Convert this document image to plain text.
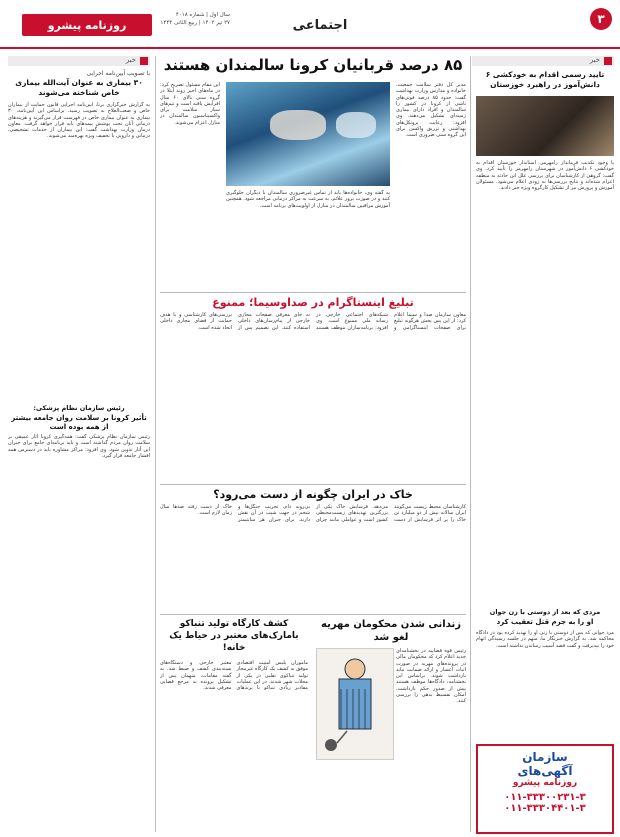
۳
اجتماعی
روزنامه پیشرو
ﺳﺎل اول | ﺷﻤﺎره ۴۰۱۸
۲۷ تیر ۱۴۰۲ | ربیع الثانی ۱۴۴۴
خبر
تایید رسمی اقدام به خودکشی ۶ دانش‌آموز در راهبرد خوزستان
با وجود تکذیب فرماندار رامهرمز، استاندار خوزستان اقدام به خودکشی ۶ دانش‌آموز در شهرستان رامهرمز را تأیید کرد. وی گفت: گروهی از کارشناسان برای بررسی علل این حادثه به منطقه اعزام شده‌اند و نتایج بررسی‌ها به زودی اعلام می‌شود. مسئولان آموزش و پرورش نیز از تشکیل کارگروه ویژه خبر دادند.
مردی که بعد از دوستی با زن جوان
او را به جرم قتل تعقیب کرد
مرد جوانی که پس از دوستی با زنی او را تهدید کرده بود در دادگاه محاکمه شد. به گزارش خبرنگار ما، متهم در جلسه رسیدگی اتهام خود را نپذیرفت و گفت قصد آسیب رساندن نداشته است.
سازمان
آگهی‌های
روزنامه پیشرو
۰۱۱-۳۳۳۰۰۲۳۱-۳
۰۱۱-۳۳۳۰۴۴۰۱-۳
خبر
با تصویب آیین‌نامه اجرایی
۳۰ بیماری به عنوان آیت‌الله بیماری خاص شناخته می‌شوند
به گزارش خبرگزاری برنا، آیین‌نامه اجرایی قانون حمایت از بیماران خاص و صعب‌العلاج به تصویب رسید. براساس این آیین‌نامه، ۳۰ بیماری به عنوان بیماری خاص در فهرست قرار می‌گیرند و هزینه‌های درمانی آنان تحت پوشش بیمه‌های پایه قرار خواهد گرفت. معاون درمان وزارت بهداشت گفت: این بیماران از خدمات تشخیصی، درمانی و دارویی با تخفیف ویژه بهره‌مند می‌شوند.
رئیس سازمان نظام پزشکی:
تأثیر کرونا بر سلامت روان جامعه بیشتر از همه بوده است
رئیس سازمان نظام پزشکی گفت: همه‌گیری کرونا آثار عمیقی بر سلامت روان مردم گذاشته است و باید برنامه‌ای جامع برای جبران این آثار تدوین شود. وی افزود: مراکز مشاوره باید در دسترس همه اقشار جامعه قرار گیرد.
۸۵ درصد قربانیان کرونا سالمندان هستند
مدیر کل دفتر سلامت جمعیت، خانواده و مدارس وزارت بهداشت گفت: حدود ۸۵ درصد فوتی‌های ناشی از کرونا در کشور را سالمندان و افراد دارای بیماری زمینه‌ای تشکیل می‌دهند. وی افزود: رعایت پروتکل‌های بهداشتی و تزریق واکسن برای این گروه سنی ضروری است.
این مقام مسئول تصریح کرد: در ماه‌های اخیر روند ابتلا در گروه سنی بالای ۶۰ سال افزایش یافته است و تیم‌های سیار سلامت برای واکسیناسیون سالمندان در منازل اعزام می‌شوند.
به گفته وی، خانواده‌ها باید از تماس غیرضروری سالمندان با دیگران جلوگیری کنند و در صورت بروز علائم، به سرعت به مراکز درمانی مراجعه شود. همچنین آموزش مراقبین سالمندان در منازل از اولویت‌های برنامه است.
تبلیغ اینستاگرام در صداوسیما؛ ممنوع
معاون سازمان صدا و سیما اعلام کرد: از این پس پخش هرگونه تبلیغ برای صفحات اینستاگرامی و شبکه‌های اجتماعی خارجی در رسانه ملی ممنوع است. وی افزود: برنامه‌سازان موظف هستند به جای معرفی صفحات مجازی خارجی از پیام‌رسان‌های داخلی استفاده کنند. این تصمیم پس از بررسی‌های کارشناسی و با هدف حمایت از فضای مجازی داخلی اتخاذ شده است.
خاک در ایران چگونه از دست می‌رود؟
کارشناسان محیط زیست می‌گویند ایران سالانه بیش از دو میلیارد تن خاک را بر اثر فرسایش از دست می‌دهد. فرسایش خاک یکی از بزرگترین تهدیدهای زیست‌محیطی کشور است و عواملی مانند چرای بی‌رویه دام، تخریب جنگل‌ها و شخم در جهت شیب در آن نقش دارند. برای جبران هر سانتیمتر خاک از دست رفته صدها سال زمان لازم است.
کشف کارگاه تولید تنباکو بامارک‌های معتبر در حیاط یک خانه!
مأموران پلیس امنیت اقتصادی موفق به کشف یک کارگاه غیرمجاز تولید تنباکوی تقلبی در یکی از محلات شهر شدند. در این عملیات مقادیر زیادی تنباکو با برند‌های معتبر خارجی و دستگاه‌های بسته‌بندی کشف و ضبط شد. به گفته مقامات، متهمان پس از تشکیل پرونده به مرجع قضایی معرفی شدند.
زندانی شدن محکومان مهریه لغو شد
رئیس قوه قضاییه در بخشنامه‌ای جدید اعلام کرد که محکومان مالی در پرونده‌های مهریه در صورت اثبات اعسار و ارائه ضمانت نباید بازداشت شوند. براساس این بخشنامه، دادگاه‌ها موظف هستند پیش از صدور حکم بازداشت، امکان تقسیط بدهی را بررسی کنند.
